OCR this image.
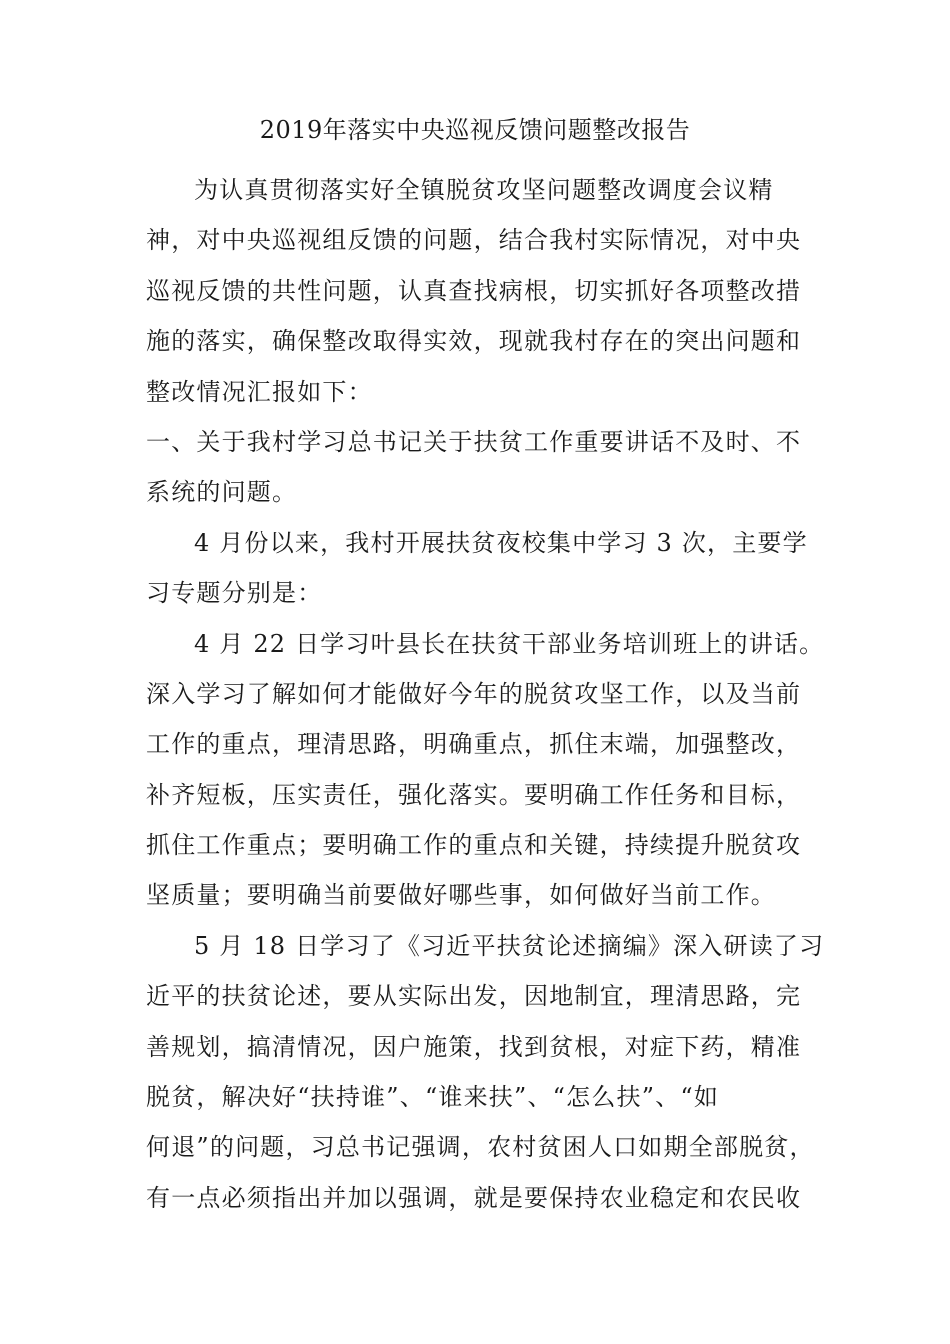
2019年落实中央巡视反馈问题整改报告
为认真贯彻落实好全镇脱贫攻坚问题整改调度会议精
神，对中央巡视组反馈的问题，结合我村实际情况，对中央
巡视反馈的共性问题，认真查找病根，切实抓好各项整改措
施的落实，确保整改取得实效，现就我村存在的突出问题和
整改情况汇报如下：
一、关于我村学习总书记关于扶贫工作重要讲话不及时、不
系统的问题。
4 月份以来，我村开展扶贫夜校集中学习 3 次，主要学
习专题分别是：
4 月 22 日学习叶县长在扶贫干部业务培训班上的讲话。
深入学习了解如何才能做好今年的脱贫攻坚工作，以及当前
工作的重点，理清思路，明确重点，抓住末端，加强整改，
补齐短板，压实责任，强化落实。要明确工作任务和目标，
抓住工作重点；要明确工作的重点和关键，持续提升脱贫攻
坚质量；要明确当前要做好哪些事，如何做好当前工作。
5 月 18 日学习了《习近平扶贫论述摘编》深入研读了习
近平的扶贫论述，要从实际出发，因地制宜，理清思路，完
善规划，搞清情况，因户施策，找到贫根，对症下药，精准
脱贫，解决好“扶持谁”、“谁来扶”、“怎么扶”、“如
何退”的问题，习总书记强调，农村贫困人口如期全部脱贫，
有一点必须指出并加以强调，就是要保持农业稳定和农民收
